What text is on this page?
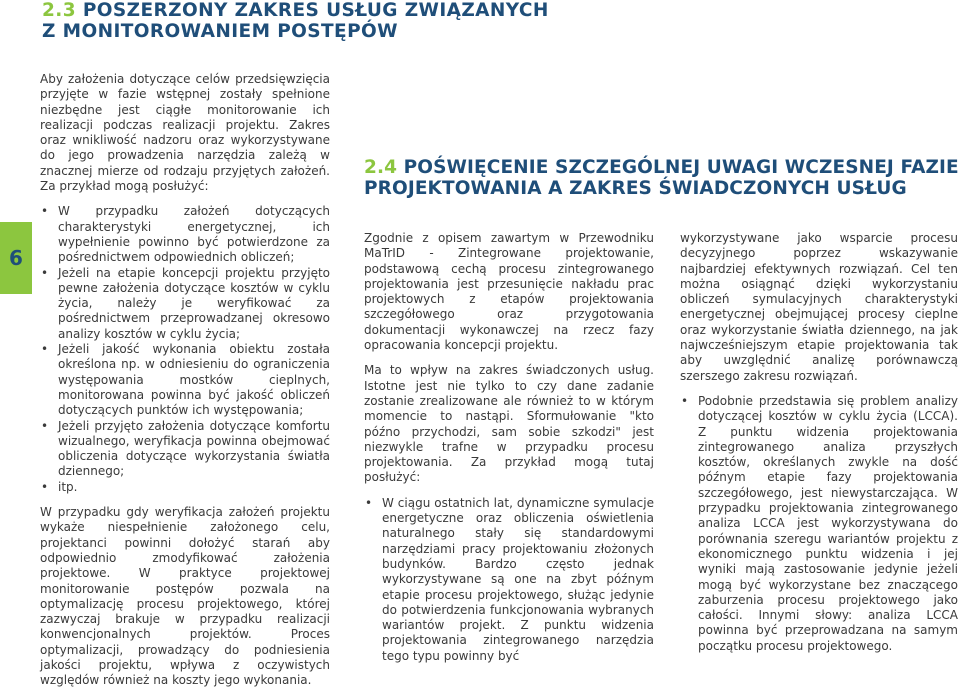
2.3 POSZERZONY ZAKRES USŁUG ZWIĄZANYCH
Z MONITOROWANIEM POSTĘPÓW
2.4 POŚWIĘCENIE SZCZEGÓLNEJ UWAGI WCZESNEJ FAZIE
PROJEKTOWANIA A ZAKRES ŚWIADCZONYCH USŁUG
6

Aby założenia dotyczące celów przedsięwzięcia przyjęte w fazie wstępnej zostały spełnione niezbędne jest ciągłe monitorowanie ich realizacji podczas realizacji projektu. Zakres oraz wnikliwość nadzoru oraz wykorzystywane do jego prowadzenia narzędzia zależą w znacznej mierze od rodzaju przyjętych założeń. Za przykład mogą posłużyć:

• W przypadku założeń dotyczących charakterystyki energetycznej, ich wypełnienie powinno być potwierdzone za pośrednictwem odpowiednich obliczeń;
• Jeżeli na etapie koncepcji projektu przyjęto pewne założenia dotyczące kosztów w cyklu życia, należy je weryfikować za pośrednictwem przeprowadzanej okresowo analizy kosztów w cyklu życia;
• Jeżeli jakość wykonania obiektu została określona np. w odniesieniu do ograniczenia występowania mostków cieplnych, monitorowana powinna być jakość obliczeń dotyczących punktów ich występowania;
• Jeżeli przyjęto założenia dotyczące komfortu wizualnego, weryfikacja powinna obejmować obliczenia dotyczące wykorzystania światła dziennego;
• itp.

W przypadku gdy weryfikacja założeń projektu wykaże niespełnienie założonego celu, projektanci powinni dołożyć starań aby odpowiednio zmodyfikować założenia projektowe. W praktyce projektowej monitorowanie postępów pozwala na optymalizację procesu projektowego, której zazwyczaj brakuje w przypadku realizacji konwencjonalnych projektów. Proces optymalizacji, prowadzący do podniesienia jakości projektu, wpływa z oczywistych względów również na koszty jego wykonania.

Zgodnie z opisem zawartym w Przewodniku MaTrID - Zintegrowane projektowanie, podstawową cechą procesu zintegrowanego projektowania jest przesunięcie nakładu prac projektowych z etapów projektowania szczegółowego oraz przygotowania dokumentacji wykonawczej na rzecz fazy opracowania koncepcji projektu.

Ma to wpływ na zakres świadczonych usług. Istotne jest nie tylko to czy dane zadanie zostanie zrealizowane ale również to w którym momencie to nastąpi. Sformułowanie "kto późno przychodzi, sam sobie szkodzi" jest niezwykle trafne w przypadku procesu projektowania. Za przykład mogą tutaj posłużyć:

• W ciągu ostatnich lat, dynamiczne symulacje energetyczne oraz obliczenia oświetlenia naturalnego stały się standardowymi narzędziami pracy projektowaniu złożonych budynków. Bardzo często jednak wykorzystywane są one na zbyt późnym etapie procesu projektowego, służąc jedynie do potwierdzenia funkcjonowania wybranych wariantów projekt. Z punktu widzenia projektowania zintegrowanego narzędzia tego typu powinny być

wykorzystywane jako wsparcie procesu decyzyjnego poprzez wskazywanie najbardziej efektywnych rozwiązań. Cel ten można osiągnąć dzięki wykorzystaniu obliczeń symulacyjnych charakterystyki energetycznej obejmującej procesy cieplne oraz wykorzystanie światła dziennego, na jak najwcześniejszym etapie projektowania tak aby uwzględnić analizę porównawczą szerszego zakresu rozwiązań.

• Podobnie przedstawia się problem analizy dotyczącej kosztów w cyklu życia (LCCA). Z punktu widzenia projektowania zintegrowanego analiza przyszłych kosztów, określanych zwykle na dość późnym etapie fazy projektowania szczegółowego, jest niewystarczająca. W przypadku projektowania zintegrowanego analiza LCCA jest wykorzystywana do porównania szeregu wariantów projektu z ekonomicznego punktu widzenia i jej wyniki mają zastosowanie jedynie jeżeli mogą być wykorzystane bez znaczącego zaburzenia procesu projektowego jako całości. Innymi słowy: analiza LCCA powinna być przeprowadzana na samym początku procesu projektowego.
